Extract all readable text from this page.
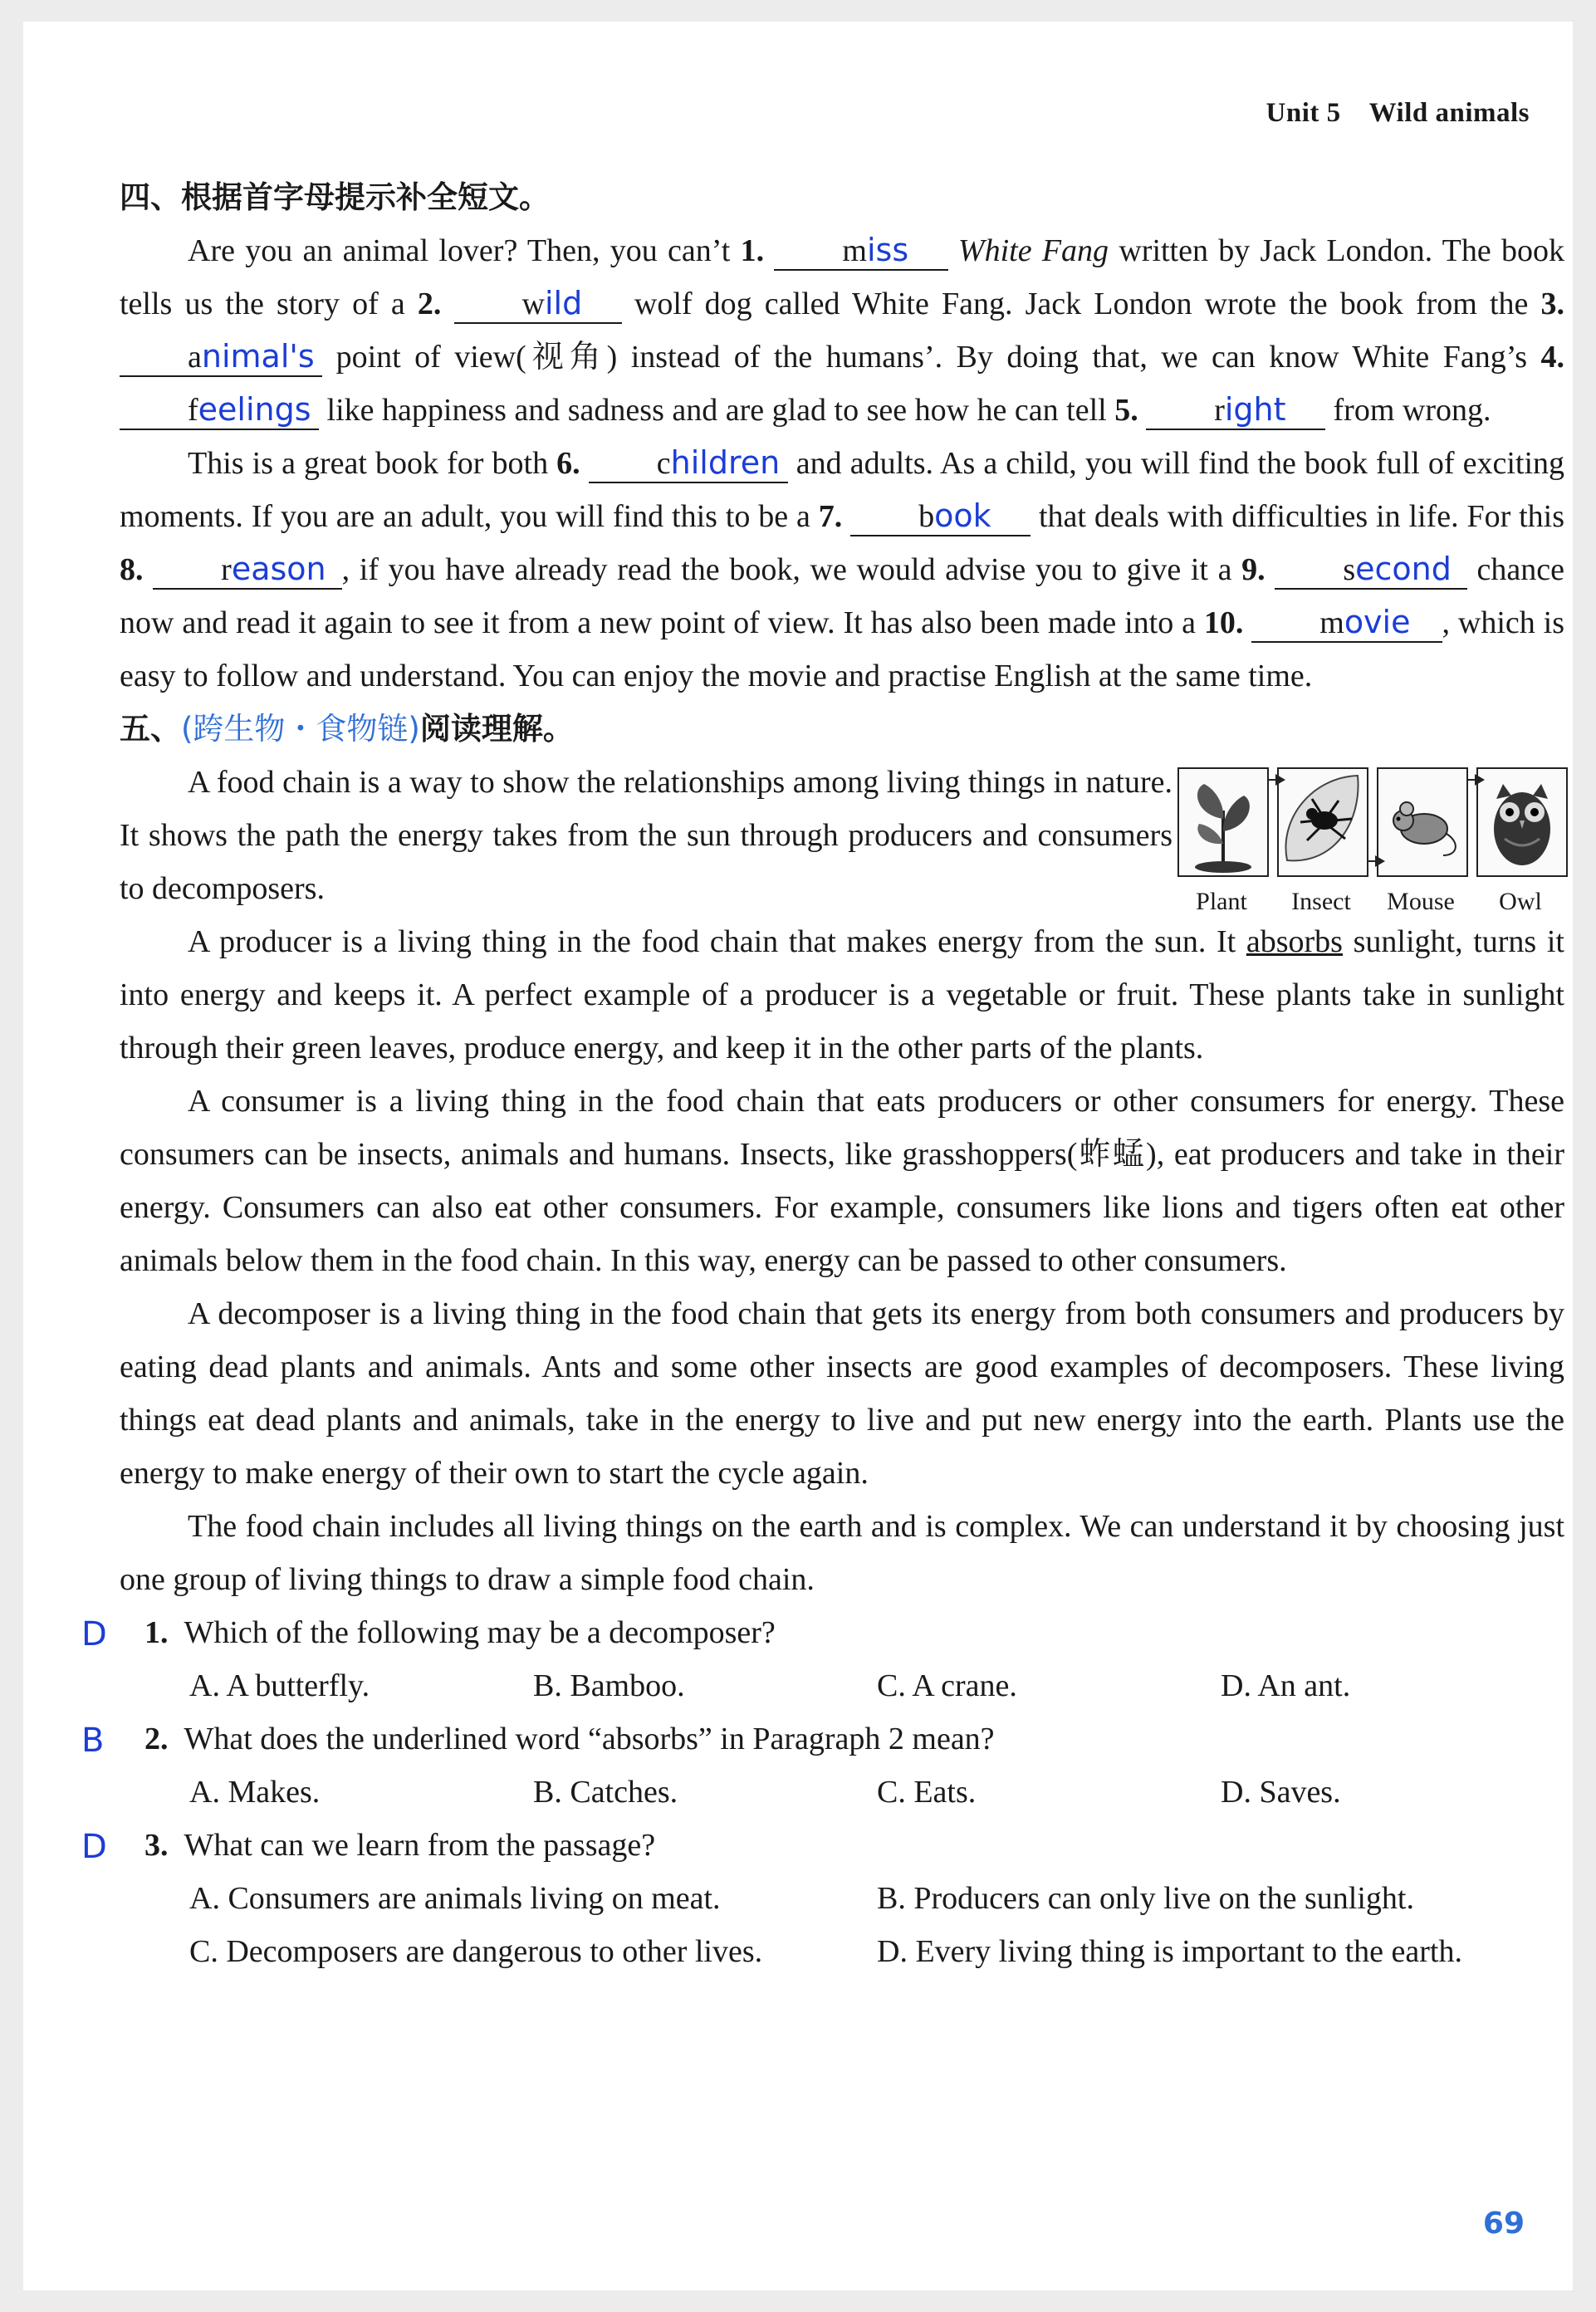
Unit 5 Wild animals
四、根据首字母提示补全短文。

Are you an animal lover? Then, you can’t 1. miss White Fang written by Jack London. The book tells us the story of a 2.	wild      wolf dog called White Fang. Jack London wrote the book from the 3. animal's  point of view(视角) instead of the humans’. By doing that, we can know White Fang’s 4. feelings  like happiness and sadness and are glad to see how he can tell 5. right      from wrong.

This is a great book for both 6. children  and adults. As a child, you will find the book full of exciting moments. If you are an adult, you will find this to be a 7. book      that deals with difficulties in life. For this 8. reason , if you have already read the book, we would advise you to give it a 9. second   chance now and read it again to see it from a new point of view. It has also been made into a 10. movie , which is easy to follow and understand. You can enjoy the movie and practise English at the same time.

五、(跨生物・食物链)阅读理解。

A food chain is a way to show the relationships among living things in nature. It shows the path the energy takes from the sun through producers and consumers to decomposers.	Plant	Insect	Mouse	Owl

A producer is a living thing in the food chain that makes energy from the sun. It absorbs sunlight, turns it into energy and keeps it. A perfect example of a producer is a vegetable or fruit. These plants take in sunlight through their green leaves, produce energy, and keep it in the other parts of the plants.

A consumer is a living thing in the food chain that eats producers or other consumers for energy. These consumers can be insects, animals and humans. Insects, like grasshoppers(蚱蜢), eat producers and take in their energy. Consumers can also eat other consumers. For example, consumers like lions and tigers often eat other animals below them in the food chain. In this way, energy can be passed to other consumers.

A decomposer is a living thing in the food chain that gets its energy from both consumers and producers by eating dead plants and animals. Ants and some other insects are good examples of decomposers. These living things eat dead plants and animals, take in the energy to live and put new energy into the earth. Plants use the energy to make energy of their own to start the cycle again.

The food chain includes all living things on the earth and is complex. We can understand it by choosing just one group of living things to draw a simple food chain.

D 1. Which of the following may be a decomposer?
A. A butterfly.	B. Bamboo.	C. A crane.	D. An ant.
B 2. What does the underlined word “absorbs” in Paragraph 2 mean?
A. Makes.	B. Catches.	C. Eats.	D. Saves.
D 3. What can we learn from the passage?
A. Consumers are animals living on meat.	B. Producers can only live on the sunlight.
C. Decomposers are dangerous to other lives.	D. Every living thing is important to the earth.
69
